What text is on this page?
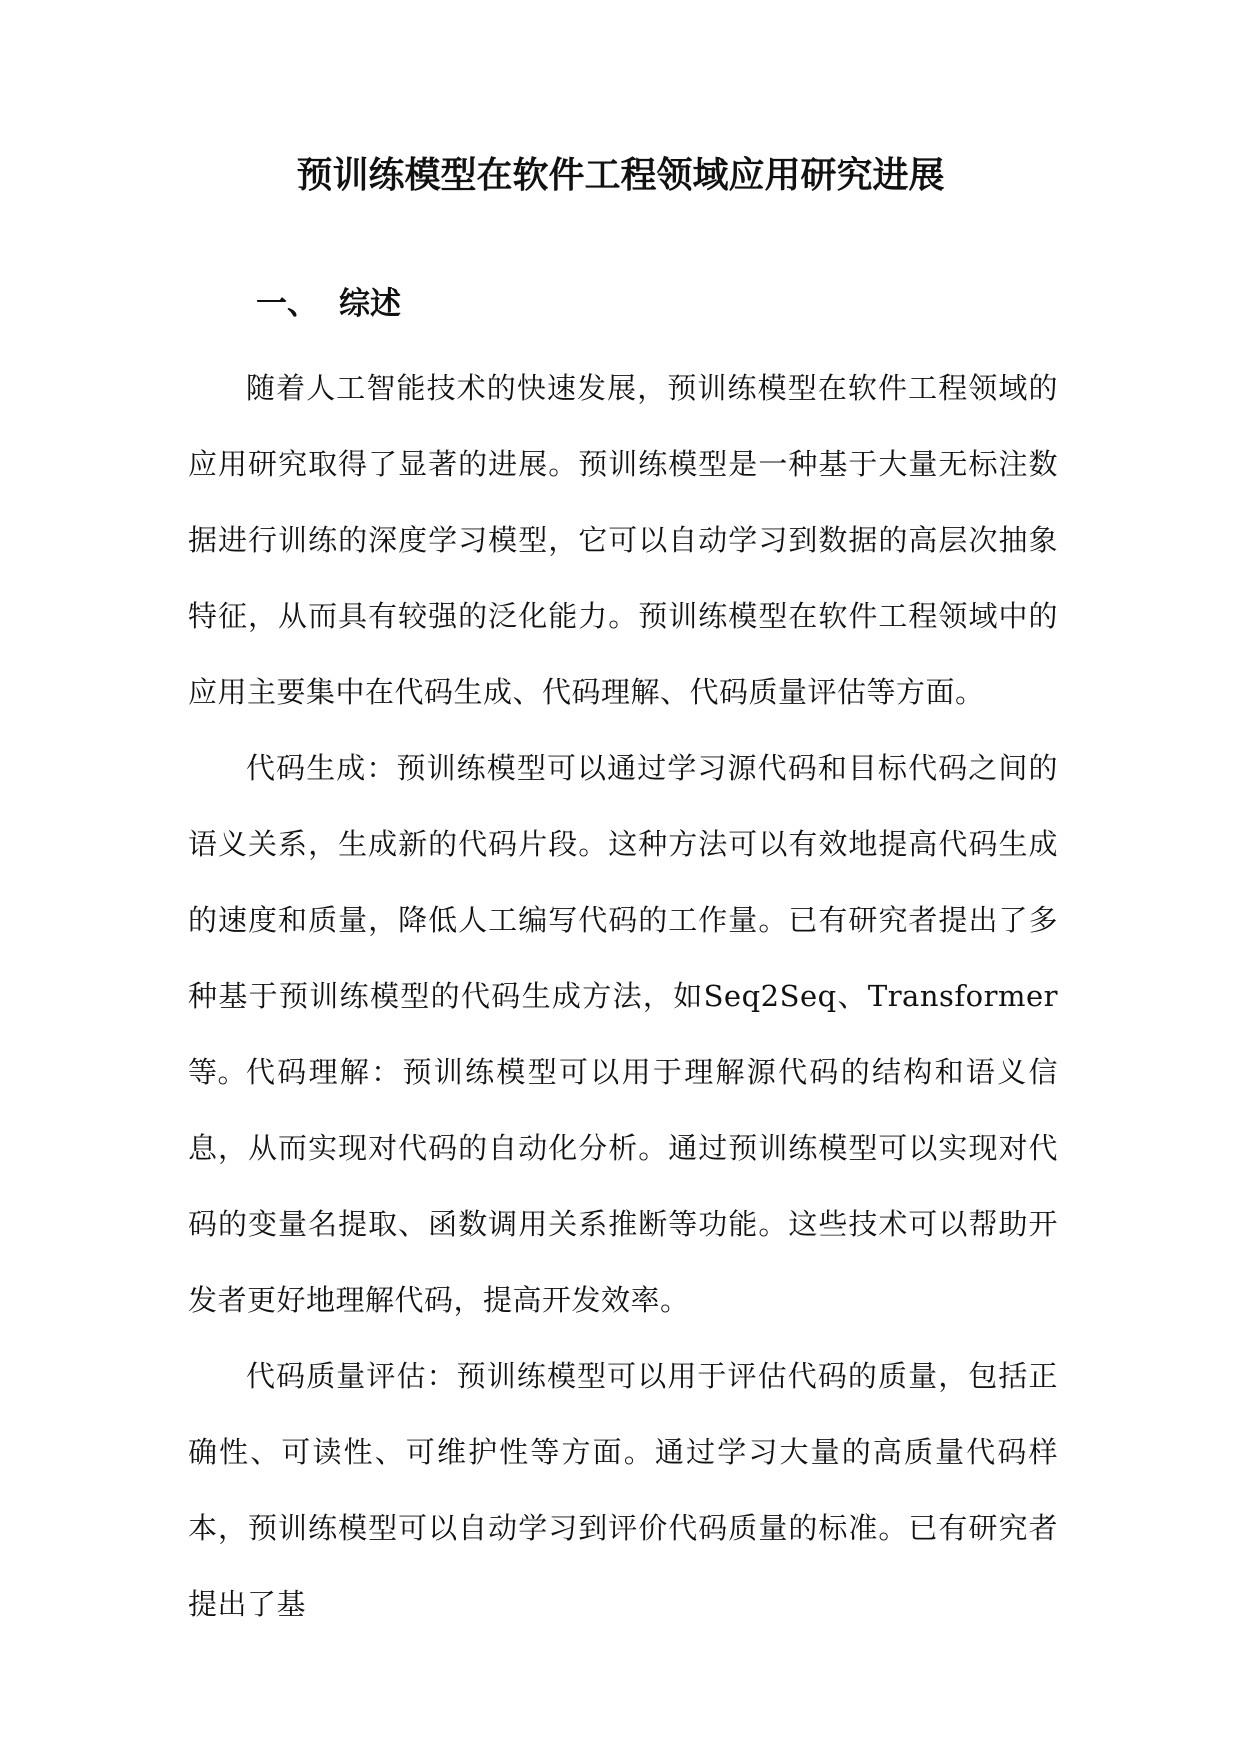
预训练模型在软件工程领域应用研究进展
一、 综述

随着人工智能技术的快速发展，预训练模型在软件工程领域的应用研究取得了显著的进展。预训练模型是一种基于大量无标注数据进行训练的深度学习模型，它可以自动学习到数据的高层次抽象特征，从而具有较强的泛化能力。预训练模型在软件工程领域中的应用主要集中在代码生成、代码理解、代码质量评估等方面。

代码生成：预训练模型可以通过学习源代码和目标代码之间的语义关系，生成新的代码片段。这种方法可以有效地提高代码生成的速度和质量，降低人工编写代码的工作量。已有研究者提出了多种基于预训练模型的代码生成方法，如Seq2Seq、Transformer等。

代码理解：预训练模型可以用于理解源代码的结构和语义信息，从而实现对代码的自动化分析。通过预训练模型可以实现对代码的变量名提取、函数调用关系推断等功能。这些技术可以帮助开发者更好地理解代码，提高开发效率。

代码质量评估：预训练模型可以用于评估代码的质量，包括正确性、可读性、可维护性等方面。通过学习大量的高质量代码样本，预训练模型可以自动学习到评价代码质量的标准。已有研究者提出了基
